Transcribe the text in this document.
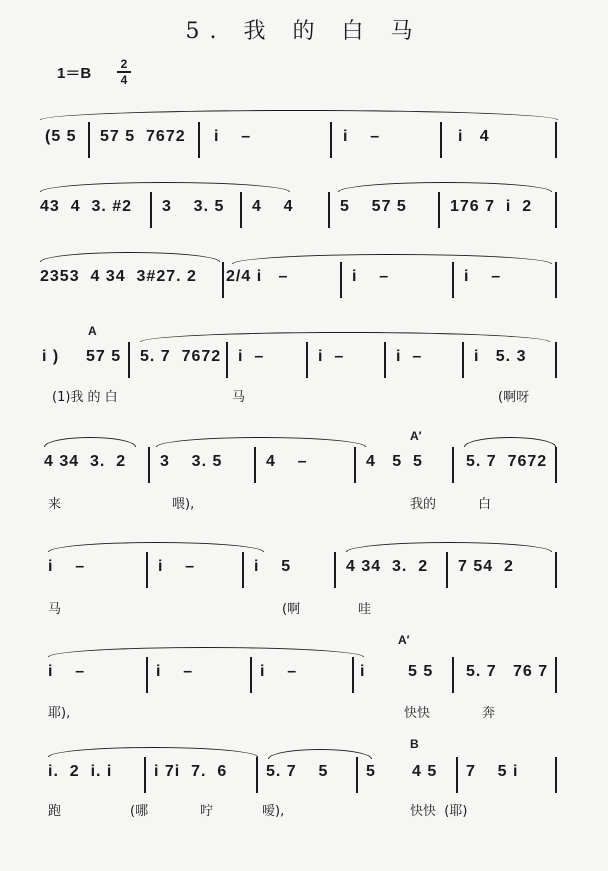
5. 我 的 白 马
1＝B
2
4
(5 5 57 5  7672 i    –	i    –	i   4
43  4  3. #2 3    3. 5 4    4	5    57 5	176 7  i  2
2353  4 34  3#27. 2 2/4 i   –	i    –	i    –
A
i ) 57 5 5. 7  7672 i  –	i  –	i  –	i   5. 3
(1)我 的 白	马	(啊呀
A′
4 34  3.  2 3    3. 5	4    –	4   5  5	5. 7  7672
来	喂),	我的	白
i    –	i    –	i    5	4 34  3.  2 7 54  2
马	(啊	哇
A′
i    –	i    –	i    –	i	5 5 5. 7   76 7
耶),	快快	奔
B
i.  2  i. i	i 7i  7.  6 5. 7    5 5 4 5 7    5 i
跑	(哪	咛	嗳),	快快  (耶)
